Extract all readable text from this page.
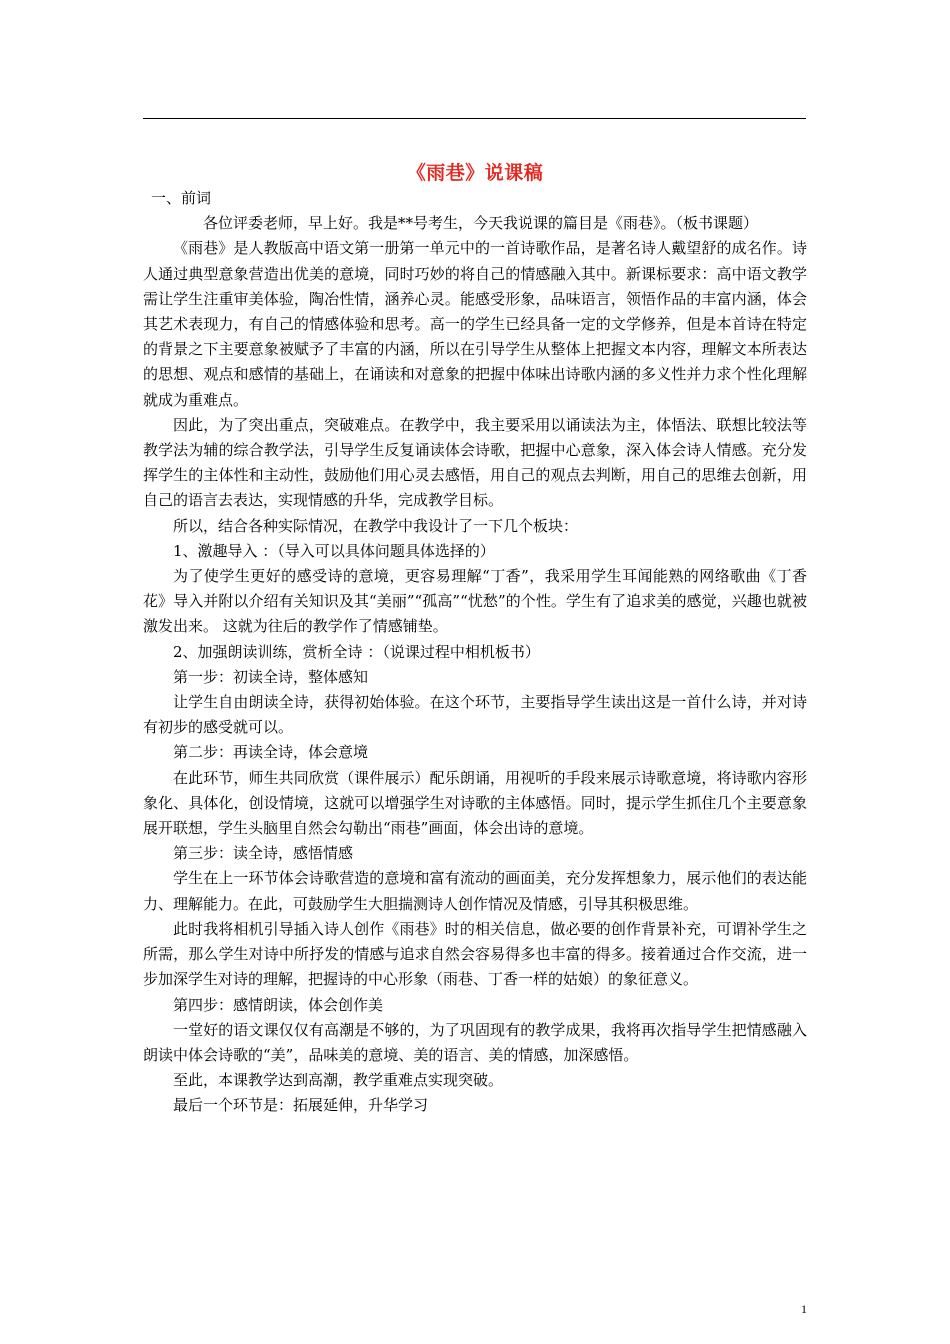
《雨巷》说课稿

一、前词

各位评委老师，早上好。我是**号考生，今天我说课的篇目是《雨巷》。（板书课题）

《雨巷》是人教版高中语文第一册第一单元中的一首诗歌作品，是著名诗人戴望舒的成名作。诗人通过典型意象营造出优美的意境，同时巧妙的将自己的情感融入其中。新课标要求：高中语文教学需让学生注重审美体验，陶冶性情，涵养心灵。能感受形象，品味语言，领悟作品的丰富内涵，体会其艺术表现力，有自己的情感体验和思考。高一的学生已经具备一定的文学修养，但是本首诗在特定的背景之下主要意象被赋予了丰富的内涵，所以在引导学生从整体上把握文本内容，理解文本所表达的思想、观点和感情的基础上，在诵读和对意象的把握中体味出诗歌内涵的多义性并力求个性化理解就成为重难点。

因此，为了突出重点，突破难点。在教学中，我主要采用以诵读法为主，体悟法、联想比较法等教学法为辅的综合教学法，引导学生反复诵读体会诗歌，把握中心意象，深入体会诗人情感。充分发挥学生的主体性和主动性，鼓励他们用心灵去感悟，用自己的观点去判断，用自己的思维去创新，用自己的语言去表达，实现情感的升华，完成教学目标。

所以，结合各种实际情况，在教学中我设计了一下几个板块：

1、激趣导入 ：（导入可以具体问题具体选择的）

为了使学生更好的感受诗的意境，更容易理解“丁香”，我采用学生耳闻能熟的网络歌曲《丁香花》导入并附以介绍有关知识及其“美丽”“孤高”“忧愁”的个性。学生有了追求美的感觉，兴趣也就被激发出来。 这就为往后的教学作了情感铺垫。

2、加强朗读训练，赏析全诗 ：（说课过程中相机板书）

第一步：初读全诗，整体感知

让学生自由朗读全诗，获得初始体验。在这个环节，主要指导学生读出这是一首什么诗，并对诗有初步的感受就可以。

第二步：再读全诗，体会意境

在此环节，师生共同欣赏（课件展示）配乐朗诵，用视听的手段来展示诗歌意境，将诗歌内容形象化、具体化，创设情境，这就可以增强学生对诗歌的主体感悟。同时，提示学生抓住几个主要意象展开联想，学生头脑里自然会勾勒出“雨巷”画面，体会出诗的意境。

第三步：读全诗，感悟情感

学生在上一环节体会诗歌营造的意境和富有流动的画面美，充分发挥想象力，展示他们的表达能力、理解能力。在此，可鼓励学生大胆揣测诗人创作情况及情感，引导其积极思维。

此时我将相机引导插入诗人创作《雨巷》时的相关信息，做必要的创作背景补充，可谓补学生之所需，那么学生对诗中所抒发的情感与追求自然会容易得多也丰富的得多。接着通过合作交流，进一步加深学生对诗的理解，把握诗的中心形象（雨巷、丁香一样的姑娘）的象征意义。

第四步：感情朗读，体会创作美

一堂好的语文课仅仅有高潮是不够的，为了巩固现有的教学成果，我将再次指导学生把情感融入朗读中体会诗歌的“美”，品味美的意境、美的语言、美的情感，加深感悟。

至此，本课教学达到高潮，教学重难点实现突破。

最后一个环节是：拓展延伸，升华学习

1
